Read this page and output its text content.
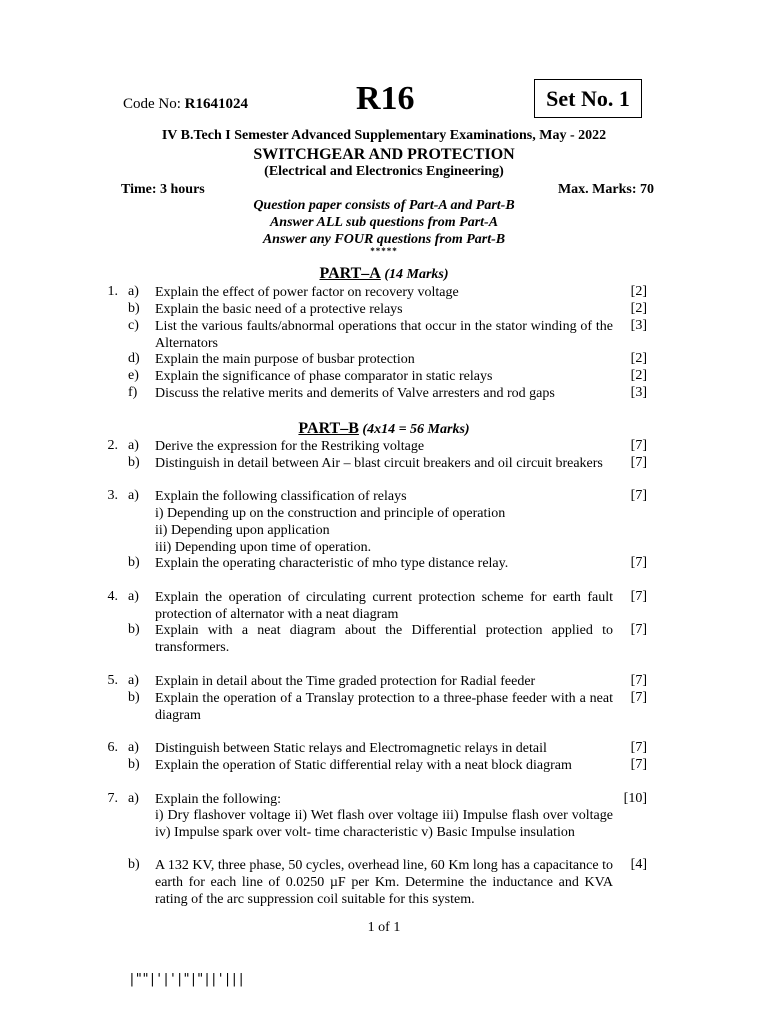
Code No: R1641024	R16	Set No. 1
IV B.Tech I Semester Advanced Supplementary Examinations, May - 2022
SWITCHGEAR AND PROTECTION
(Electrical and Electronics Engineering)
Time: 3 hours	Max. Marks: 70
Question paper consists of Part-A and Part-B
Answer ALL sub questions from Part-A
Answer any FOUR questions from Part-B
*****
PART–A (14 Marks)
1. a)	Explain the effect of power factor on recovery voltage	[2]
b)	Explain the basic need of a protective relays	[2]
c)	List the various faults/abnormal operations that occur in the stator winding of the Alternators
[3]
d)	Explain the main purpose of busbar protection	[2]
e)	Explain the significance of phase comparator in static relays	[2]
f)	Discuss the relative merits and demerits of Valve arresters and rod gaps	[3]
PART–B (4x14 = 56 Marks)
2. a)	Derive the expression for the Restriking voltage	[7]
b)	Distinguish in detail between Air – blast circuit breakers and oil circuit breakers	[7]
3. a)	Explain the following classification of relays	[7]
i) Depending up on the construction and principle of operation
ii) Depending upon application
iii) Depending upon time of operation.
b)	Explain the operating characteristic of mho type distance relay.	[7]
4. a)	Explain the operation of circulating current protection scheme for earth fault protection of alternator with a neat diagram
[7]
b)	Explain with a neat diagram about the Differential protection applied to transformers.
[7]
5. a)	Explain in detail about the Time graded protection for Radial feeder	[7]
b)	Explain the operation of a Translay protection to a three-phase feeder with a neat diagram
[7]
6. a)	Distinguish between Static relays and Electromagnetic relays in detail	[7]
b)	Explain the operation of Static differential relay with a neat block diagram	[7]
7. a)	Explain the following:	[10]
i) Dry flashover voltage ii) Wet flash over voltage iii) Impulse flash over voltage iv) Impulse spark over volt- time characteristic v) Basic Impulse insulation
b)	A 132 KV, three phase, 50 cycles, overhead line, 60 Km long has a capacitance to earth for each line of 0.0250 µF per Km. Determine the inductance and KVA rating of the arc suppression coil suitable for this system.
[4]
1 of 1
|""|'|'|"|"||'|||
